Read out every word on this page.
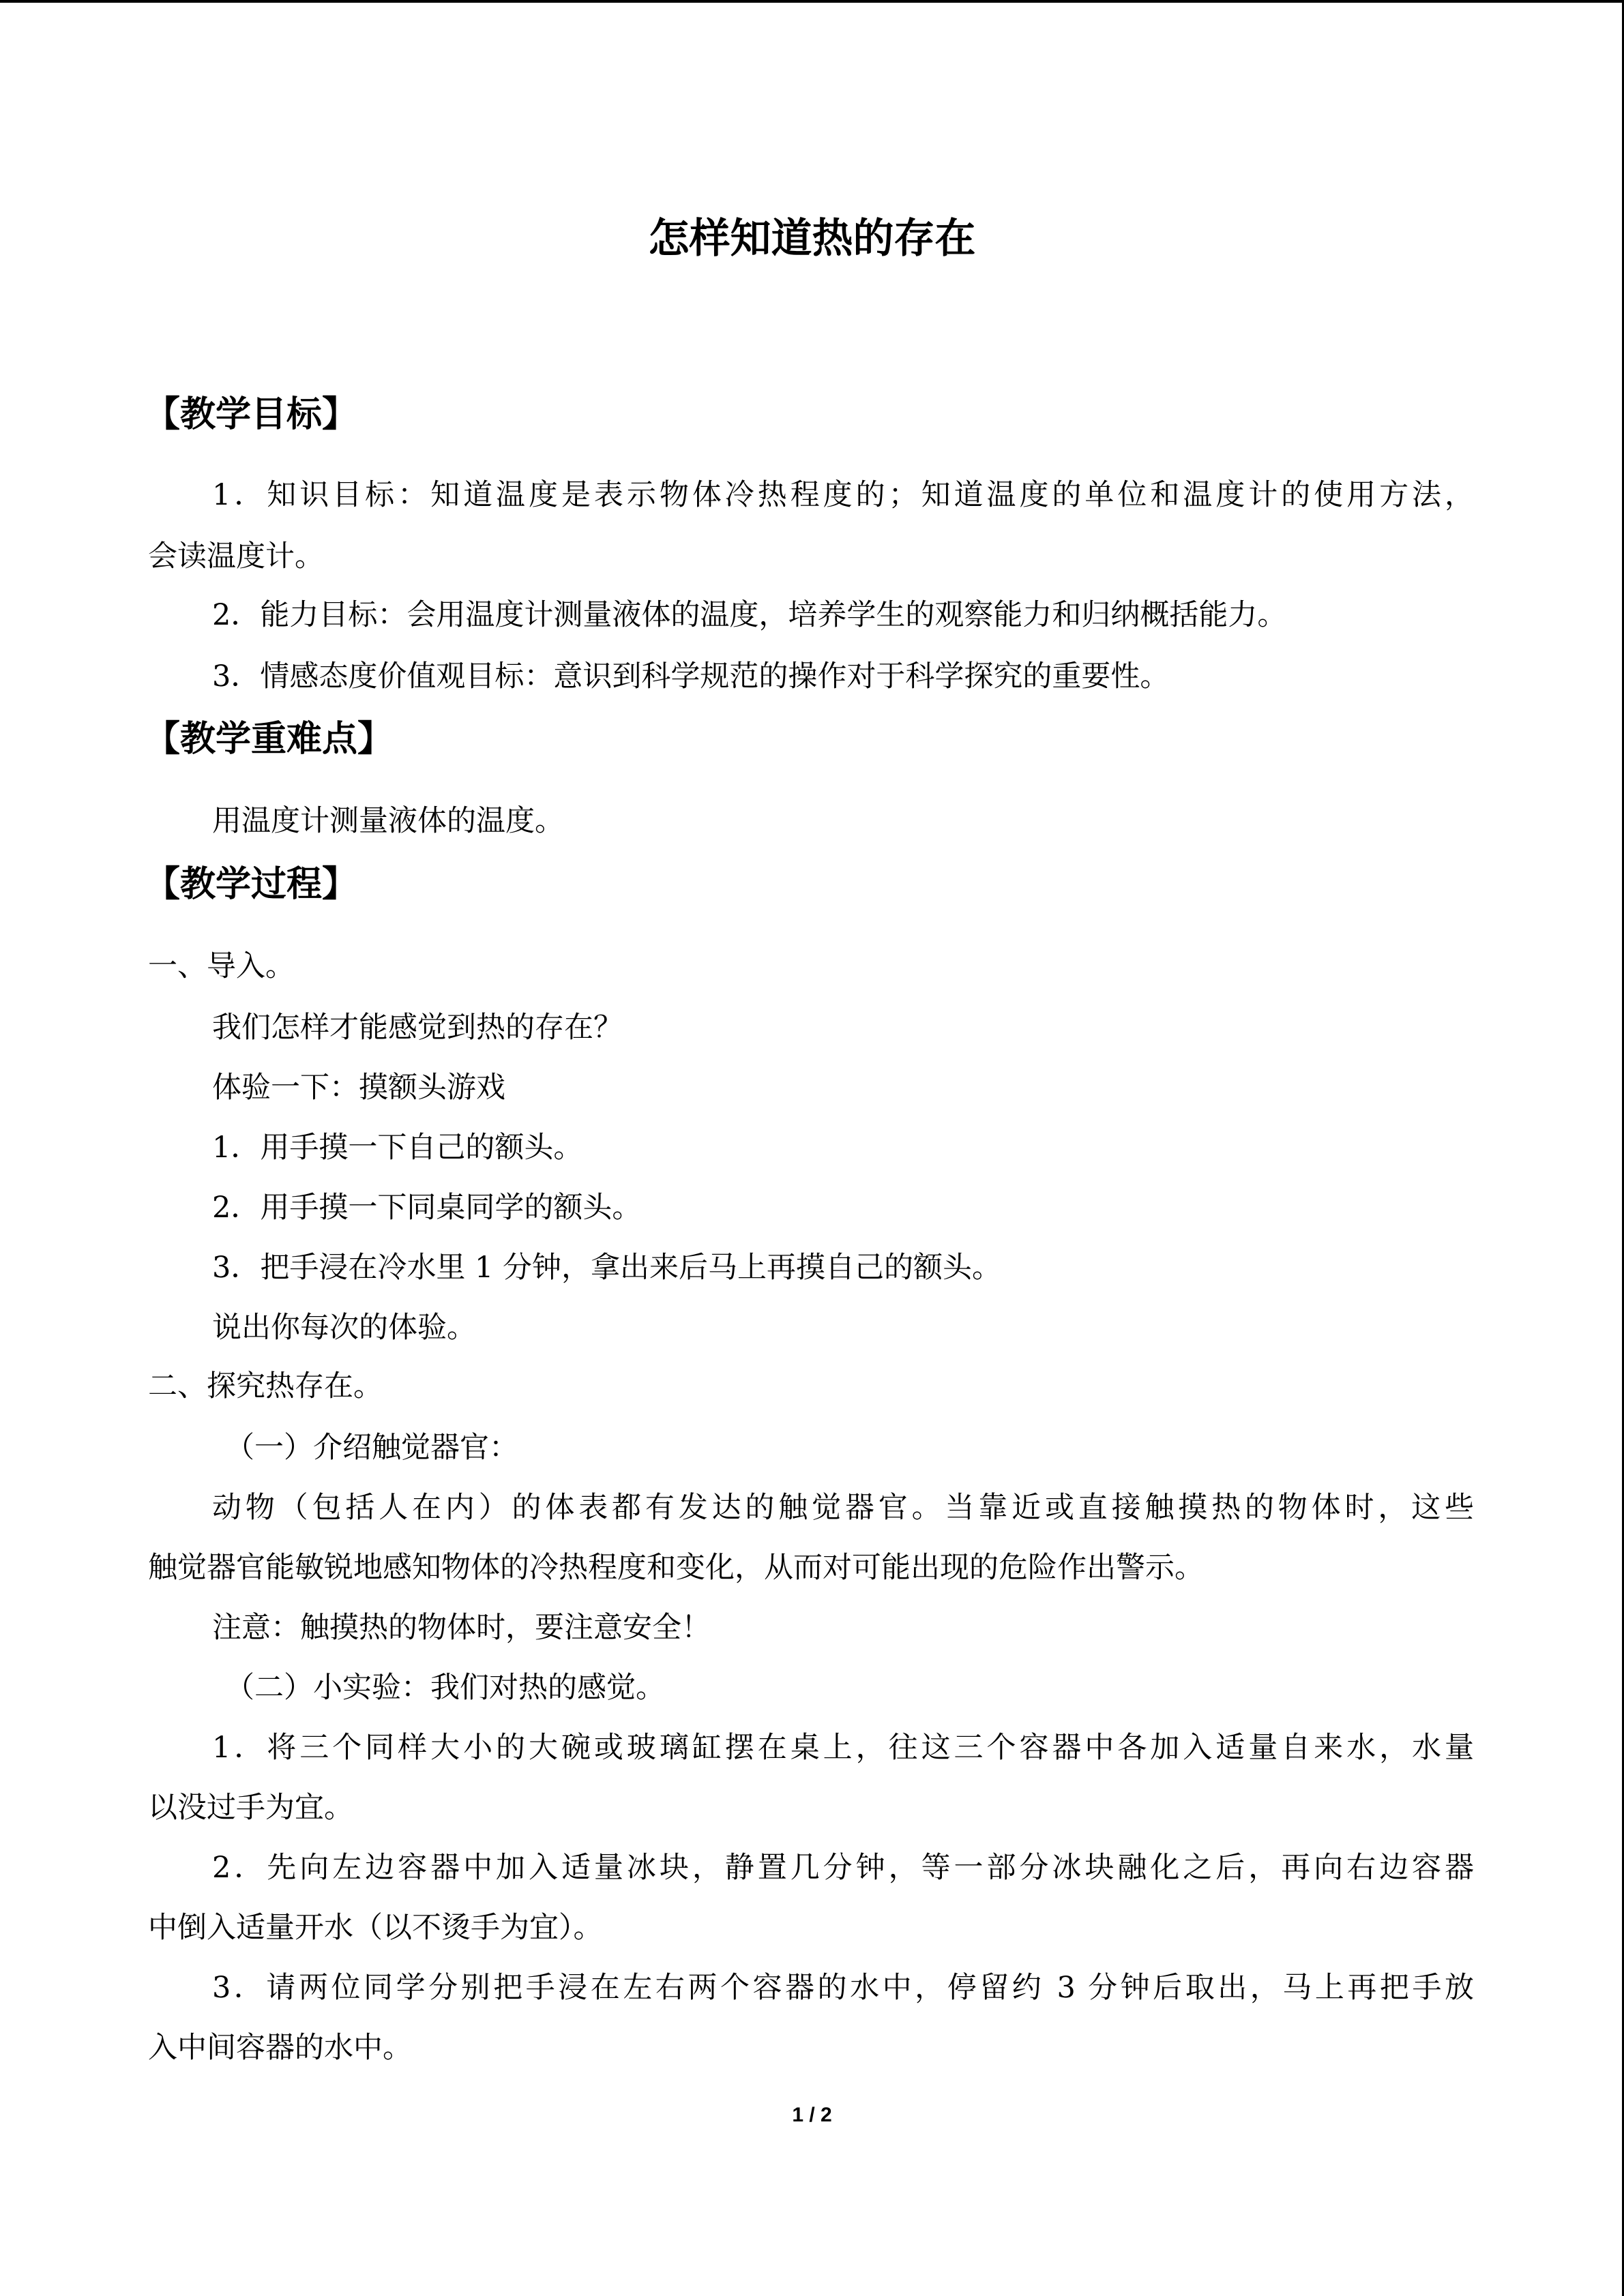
怎样知道热的存在
【教学目标】
1．知识目标：知道温度是表示物体冷热程度的；知道温度的单位和温度计的使用方法，
会读温度计。
2．能力目标：会用温度计测量液体的温度，培养学生的观察能力和归纳概括能力。
3．情感态度价值观目标：意识到科学规范的操作对于科学探究的重要性。
【教学重难点】
用温度计测量液体的温度。
【教学过程】
一、导入。
我们怎样才能感觉到热的存在？
体验一下：摸额头游戏
1．用手摸一下自己的额头。
2．用手摸一下同桌同学的额头。
3．把手浸在冷水里 1 分钟，拿出来后马上再摸自己的额头。
说出你每次的体验。
二、探究热存在。
（一）介绍触觉器官：
动物（包括人在内）的体表都有发达的触觉器官。当靠近或直接触摸热的物体时，这些
触觉器官能敏锐地感知物体的冷热程度和变化，从而对可能出现的危险作出警示。
注意：触摸热的物体时，要注意安全！
（二）小实验：我们对热的感觉。
1．将三个同样大小的大碗或玻璃缸摆在桌上，往这三个容器中各加入适量自来水，水量
以没过手为宜。
2．先向左边容器中加入适量冰块，静置几分钟，等一部分冰块融化之后，再向右边容器
中倒入适量开水（以不烫手为宜）。
3．请两位同学分别把手浸在左右两个容器的水中，停留约 3 分钟后取出，马上再把手放
入中间容器的水中。
1 / 2
